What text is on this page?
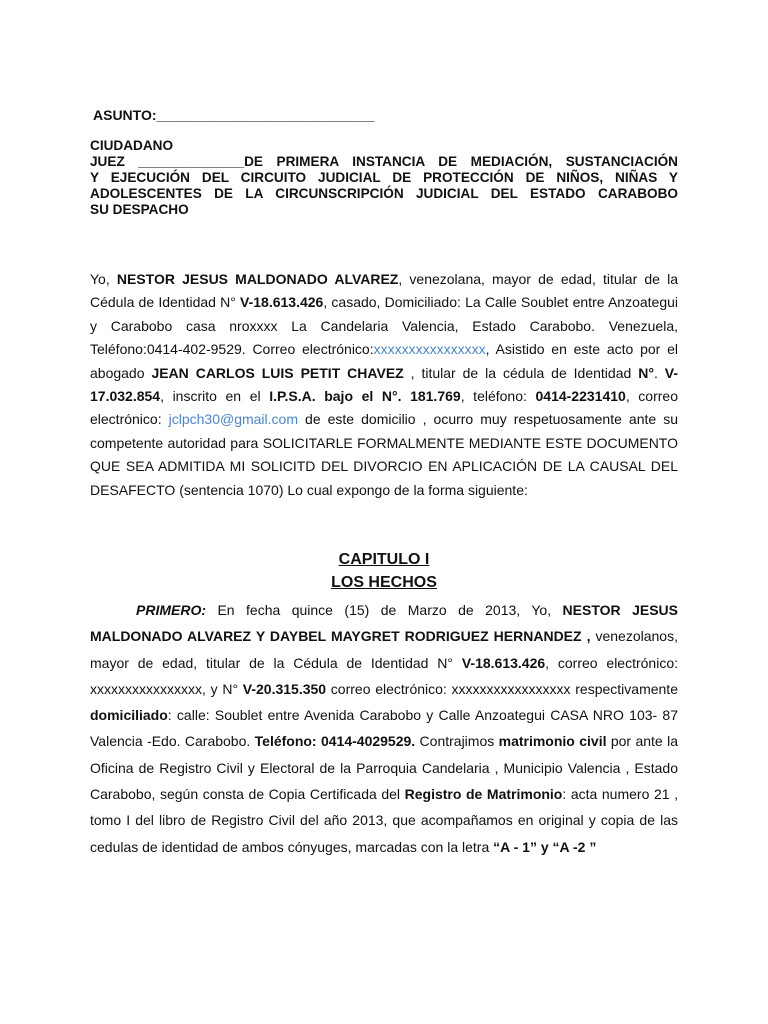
ASUNTO:____________________________
CIUDADANO
JUEZ ______________DE PRIMERA INSTANCIA DE MEDIACIÓN, SUSTANCIACIÓN
Y EJECUCIÓN DEL CIRCUITO JUDICIAL DE PROTECCIÓN DE NIÑOS, NIÑAS Y
ADOLESCENTES DE LA CIRCUNSCRIPCIÓN JUDICIAL DEL ESTADO CARABOBO
SU DESPACHO
Yo, NESTOR JESUS MALDONADO ALVAREZ, venezolana, mayor de edad, titular de la Cédula de Identidad N° V-18.613.426, casado, Domiciliado: La Calle Soublet entre Anzoategui y Carabobo casa nroxxxx La Candelaria Valencia, Estado Carabobo. Venezuela, Teléfono:0414-402-9529. Correo electrónico:xxxxxxxxxxxxxxxx, Asistido en este acto por el abogado JEAN CARLOS LUIS PETIT CHAVEZ , titular de la cédula de Identidad N°. V-17.032.854, inscrito en el I.P.S.A. bajo el N°. 181.769, teléfono: 0414-2231410, correo electrónico: jclpch30@gmail.com de este domicilio , ocurro muy respetuosamente ante su competente autoridad para SOLICITARLE FORMALMENTE MEDIANTE ESTE DOCUMENTO QUE SEA ADMITIDA MI SOLICITD DEL DIVORCIO EN APLICACIÓN DE LA CAUSAL DEL DESAFECTO (sentencia 1070) Lo cual expongo de la forma siguiente:
CAPITULO I
LOS HECHOS
PRIMERO: En fecha quince (15) de Marzo de 2013, Yo, NESTOR JESUS MALDONADO ALVAREZ Y DAYBEL MAYGRET RODRIGUEZ HERNANDEZ , venezolanos, mayor de edad, titular de la Cédula de Identidad N° V-18.613.426, correo electrónico: xxxxxxxxxxxxxxxx, y N° V-20.315.350 correo electrónico: xxxxxxxxxxxxxxxxx respectivamente domiciliado: calle: Soublet entre Avenida Carabobo y Calle Anzoategui CASA NRO 103- 87 Valencia -Edo. Carabobo. Teléfono: 0414-4029529. Contrajimos matrimonio civil por ante la Oficina de Registro Civil y Electoral de la Parroquia Candelaria , Municipio Valencia , Estado Carabobo, según consta de Copia Certificada del Registro de Matrimonio: acta numero 21 , tomo I del libro de Registro Civil del año 2013, que acompañamos en original y copia de las cedulas de identidad de ambos cónyuges, marcadas con la letra “A - 1” y “A -2 ”
